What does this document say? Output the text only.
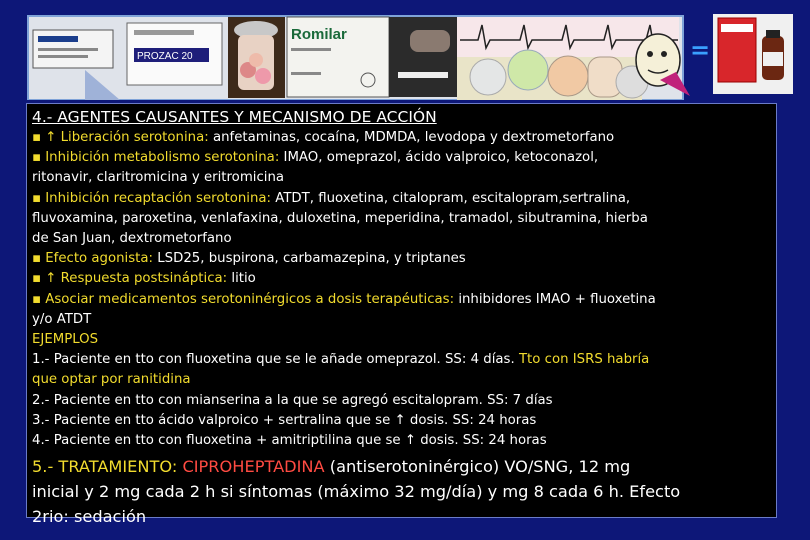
PROZAC 20
Romilar
=
4.- AGENTES CAUSANTES Y MECANISMO DE ACCIÓN
▪ ↑ Liberación serotonina: anfetaminas, cocaína, MDMDA, levodopa y dextrometorfano
▪ Inhibición metabolismo serotonina: IMAO, omeprazol, ácido valproico, ketoconazol,
ritonavir, claritromicina y eritromicina
▪ Inhibición recaptación serotonina: ATDT, fluoxetina, citalopram, escitalopram,sertralina,
fluvoxamina, paroxetina, venlafaxina, duloxetina, meperidina, tramadol, sibutramina, hierba
de San Juan, dextrometorfano
▪ Efecto agonista: LSD25, buspirona, carbamazepina, y triptanes
▪ ↑ Respuesta postsináptica: litio
▪ Asociar medicamentos serotoninérgicos a dosis terapéuticas: inhibidores IMAO + fluoxetina
y/o ATDT
EJEMPLOS
1.- Paciente en tto con fluoxetina que se le añade omeprazol. SS: 4 días. Tto con ISRS habría
que optar por ranitidina
2.- Paciente en tto con mianserina a la que se agregó escitalopram. SS: 7 días
3.- Paciente en tto ácido valproico + sertralina que se ↑ dosis. SS: 24 horas
4.- Paciente en tto con fluoxetina + amitriptilina que se ↑ dosis. SS: 24 horas
5.- TRATAMIENTO: CIPROHEPTADINA (antiserotoninérgico) VO/SNG, 12 mg
inicial y 2 mg cada 2 h si síntomas (máximo 32 mg/día) y mg 8 cada 6 h. Efecto
2rio: sedación
